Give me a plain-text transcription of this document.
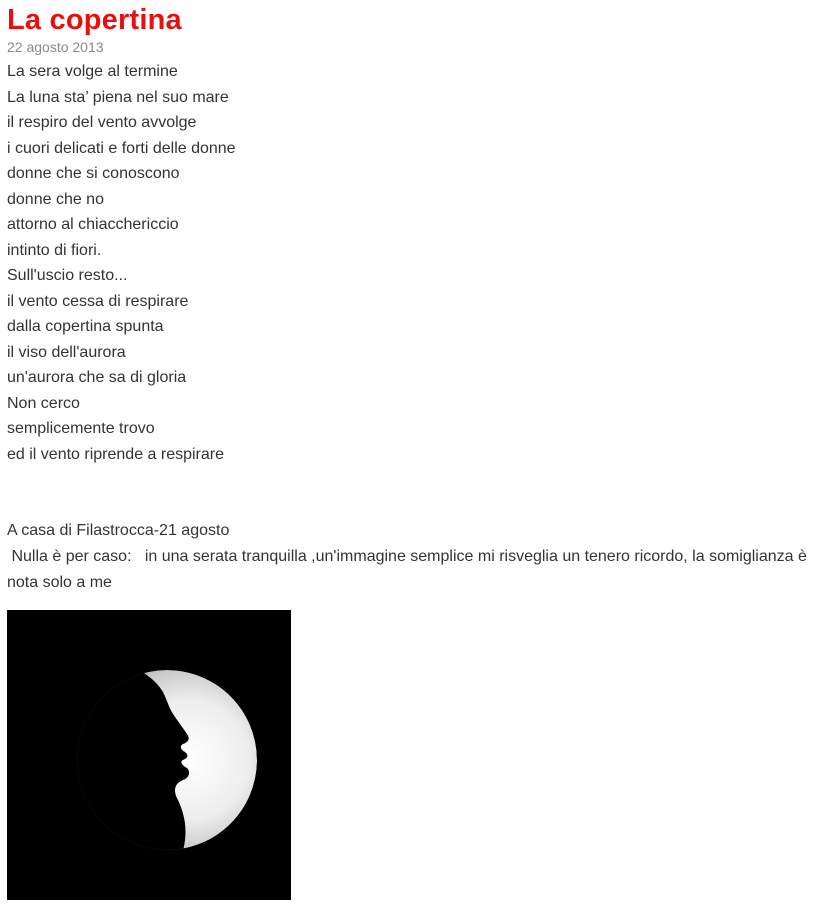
La copertina
22 agosto 2013
La sera volge al termine
La luna sta’ piena nel suo mare
il respiro del vento avvolge
i cuori delicati e forti delle donne
donne che si conoscono
donne che no
attorno al chiacchericcio
intinto di fiori.
Sull'uscio resto...
il vento cessa di respirare
dalla copertina spunta
il viso dell'aurora
un'aurora che sa di gloria
Non cerco
semplicemente trovo
ed il vento riprende a respirare
A casa di Filastrocca-21 agosto
Nulla è per caso:   in una serata tranquilla ,un'immagine semplice mi risveglia un tenero ricordo, la somiglianza è nota solo a me
